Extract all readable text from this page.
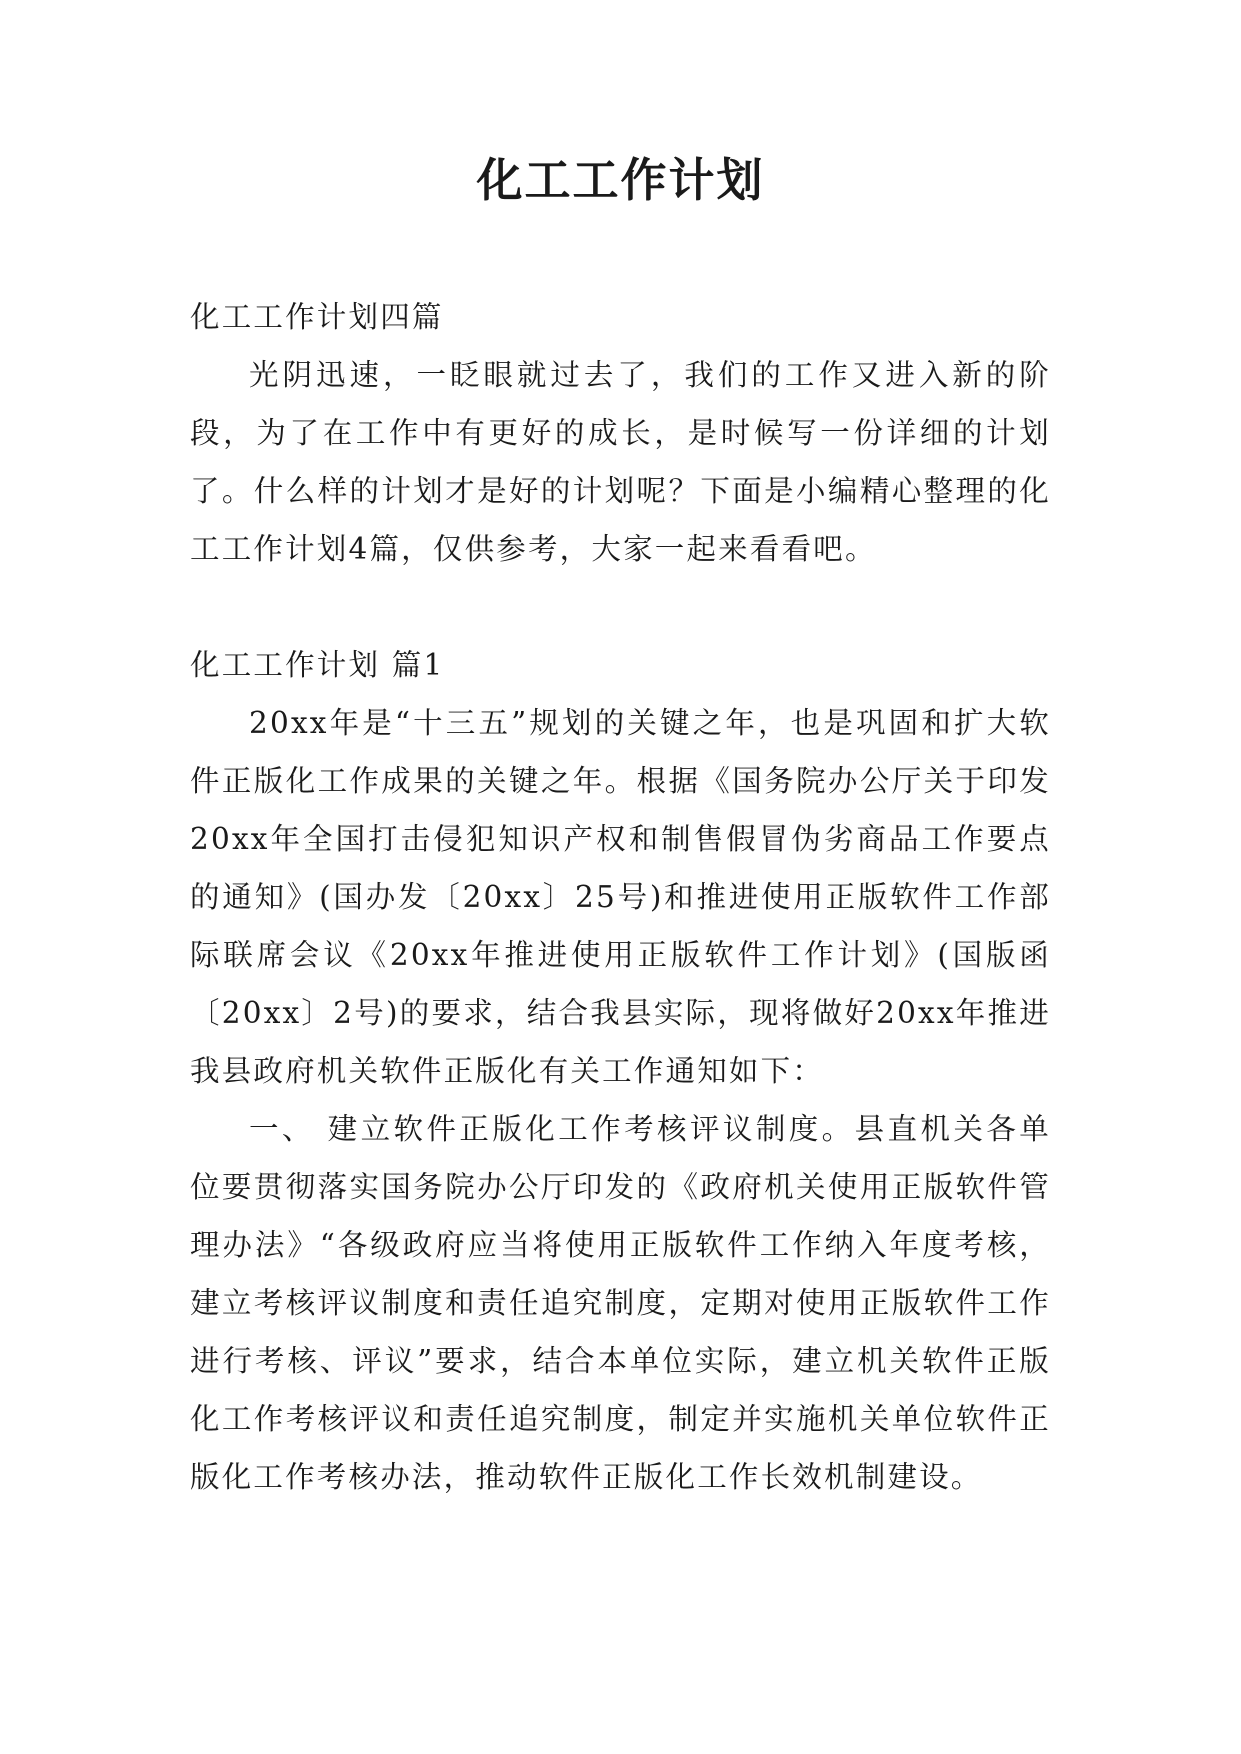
化工工作计划

化工工作计划四篇

光阴迅速，一眨眼就过去了，我们的工作又进入新的阶段，为了在工作中有更好的成长，是时候写一份详细的计划了。什么样的计划才是好的计划呢？下面是小编精心整理的化工工作计划4篇，仅供参考，大家一起来看看吧。

化工工作计划 篇1

20xx年是“十三五”规划的关键之年，也是巩固和扩大软件正版化工作成果的关键之年。根据《国务院办公厅关于印发20xx年全国打击侵犯知识产权和制售假冒伪劣商品工作要点的通知》(国办发〔20xx〕25号)和推进使用正版软件工作部际联席会议《20xx年推进使用正版软件工作计划》(国版函〔20xx〕2号)的要求，结合我县实际，现将做好20xx年推进我县政府机关软件正版化有关工作通知如下：

一、 建立软件正版化工作考核评议制度。县直机关各单位要贯彻落实国务院办公厅印发的《政府机关使用正版软件管理办法》“各级政府应当将使用正版软件工作纳入年度考核，建立考核评议制度和责任追究制度，定期对使用正版软件工作进行考核、评议”要求，结合本单位实际，建立机关软件正版化工作考核评议和责任追究制度，制定并实施机关单位软件正版化工作考核办法，推动软件正版化工作长效机制建设。
